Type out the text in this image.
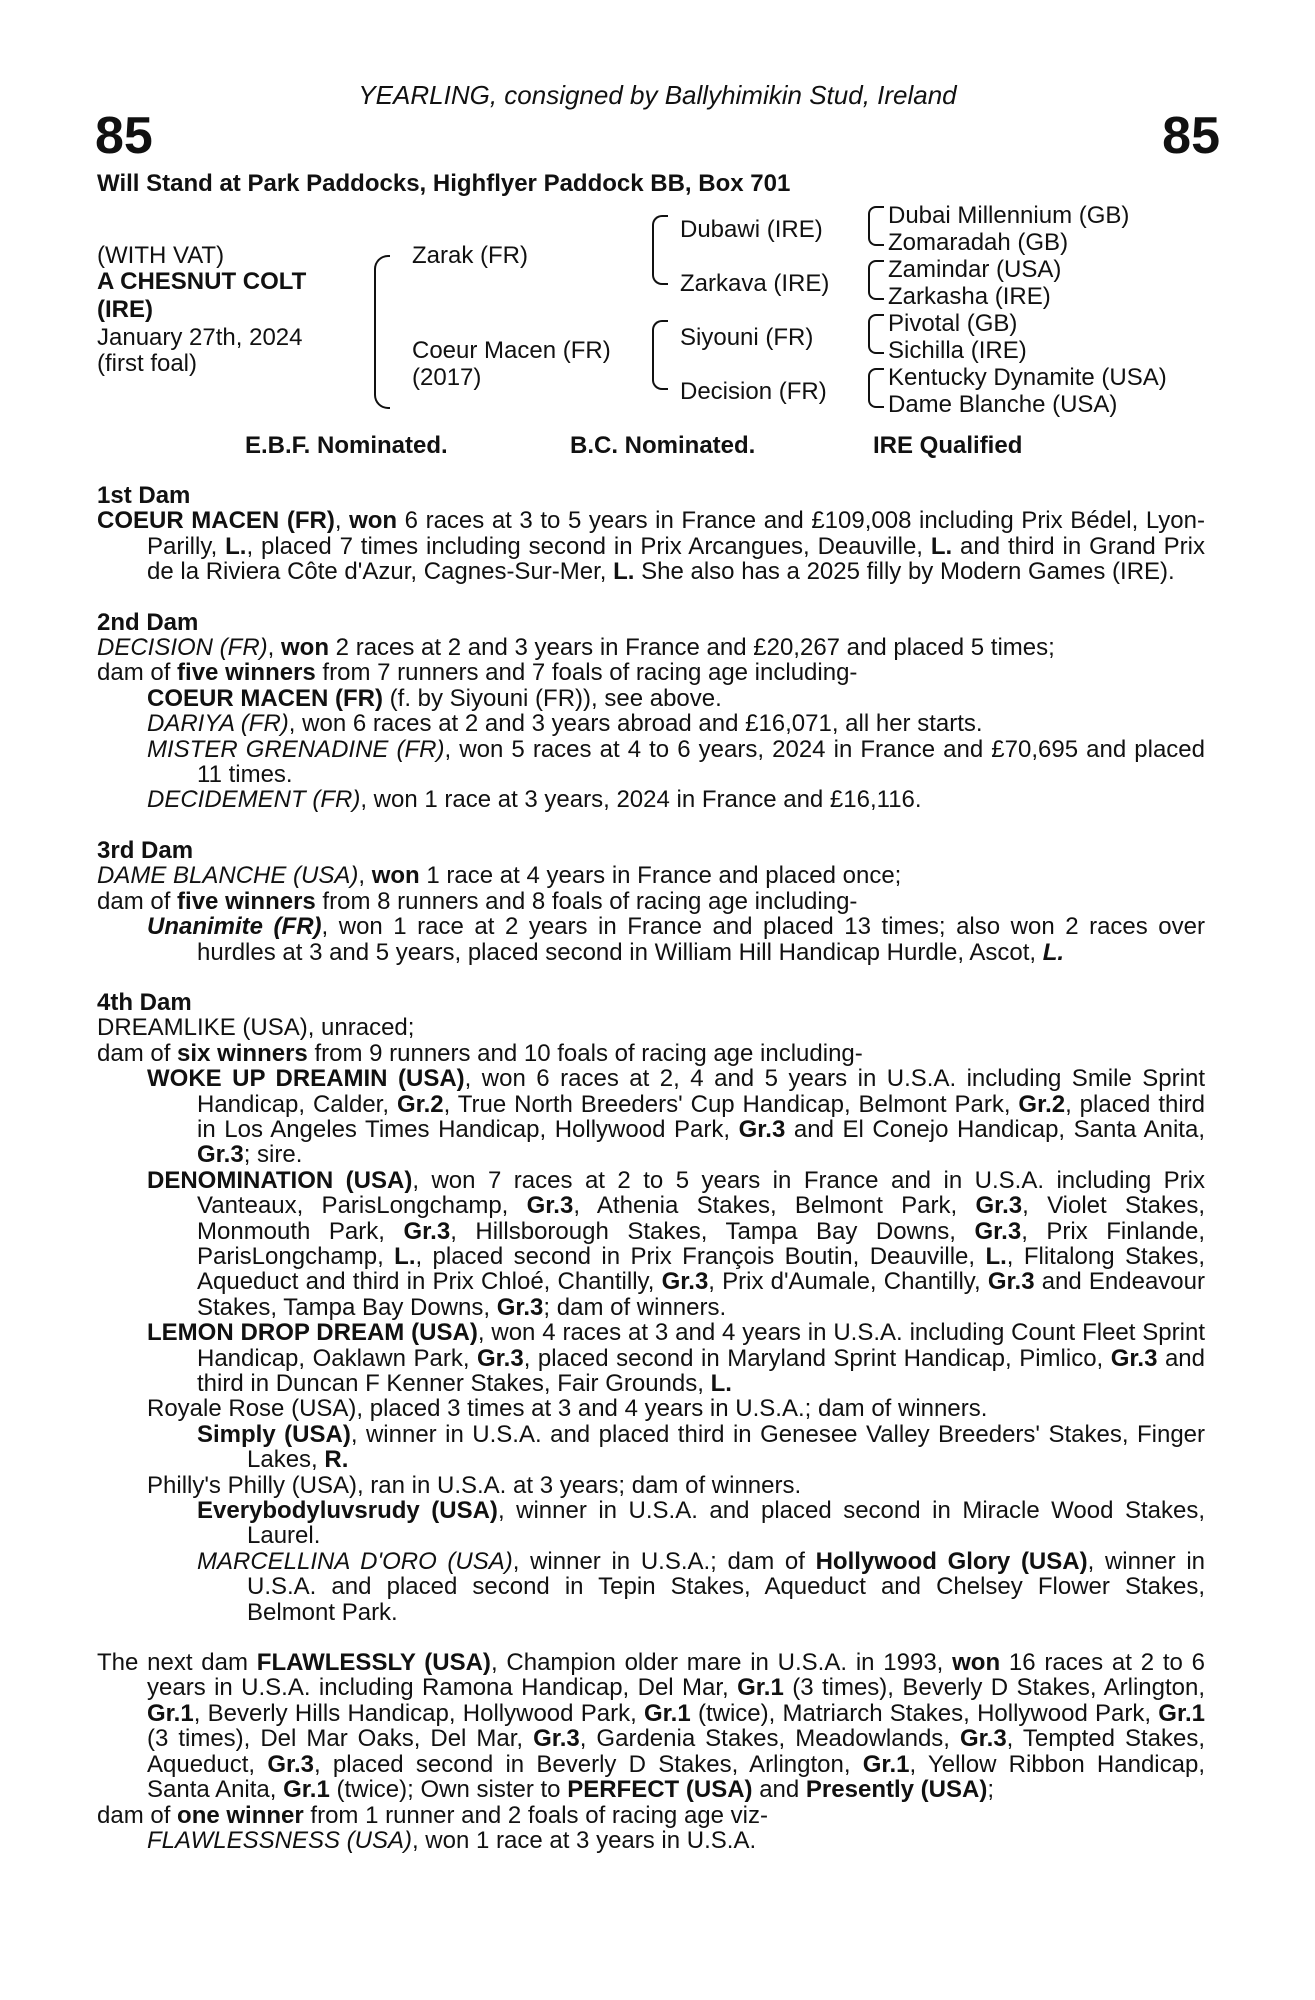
YEARLING, consigned by Ballyhimikin Stud, Ireland
85	85
Will Stand at Park Paddocks, Highflyer Paddock BB, Box 701
(WITH VAT)
A CHESNUT COLT
(IRE)
January 27th, 2024
(first foal)
Zarak (FR)
Coeur Macen (FR)
(2017)
Dubawi (IRE)
Zarkava (IRE)
Siyouni (FR)
Decision (FR)
Dubai Millennium (GB)
Zomaradah (GB)
Zamindar (USA)
Zarkasha (IRE)
Pivotal (GB)
Sichilla (IRE)
Kentucky Dynamite (USA)
Dame Blanche (USA)
E.B.F. Nominated.	B.C. Nominated.	IRE Qualified

1st Dam

COEUR MACEN (FR), won 6 races at 3 to 5 years in France and £109,008 including Prix Bédel, Lyon-Parilly, L., placed 7 times including second in Prix Arcangues, Deauville, L. and third in Grand Prix de la Riviera Côte d'Azur, Cagnes-Sur-Mer, L. She also has a 2025 filly by Modern Games (IRE).

2nd Dam

DECISION (FR), won 2 races at 2 and 3 years in France and £20,267 and placed 5 times;

dam of five winners from 7 runners and 7 foals of racing age including-

COEUR MACEN (FR) (f. by Siyouni (FR)), see above.

DARIYA (FR), won 6 races at 2 and 3 years abroad and £16,071, all her starts.

MISTER GRENADINE (FR), won 5 races at 4 to 6 years, 2024 in France and £70,695 and placed 11 times.

DECIDEMENT (FR), won 1 race at 3 years, 2024 in France and £16,116.

3rd Dam

DAME BLANCHE (USA), won 1 race at 4 years in France and placed once;

dam of five winners from 8 runners and 8 foals of racing age including-

Unanimite (FR), won 1 race at 2 years in France and placed 13 times; also won 2 races over hurdles at 3 and 5 years, placed second in William Hill Handicap Hurdle, Ascot, L.

4th Dam

DREAMLIKE (USA), unraced;

dam of six winners from 9 runners and 10 foals of racing age including-

WOKE UP DREAMIN (USA), won 6 races at 2, 4 and 5 years in U.S.A. including Smile Sprint Handicap, Calder, Gr.2, True North Breeders' Cup Handicap, Belmont Park, Gr.2, placed third in Los Angeles Times Handicap, Hollywood Park, Gr.3 and El Conejo Handicap, Santa Anita, Gr.3; sire.

DENOMINATION (USA), won 7 races at 2 to 5 years in France and in U.S.A. including Prix Vanteaux, ParisLongchamp, Gr.3, Athenia Stakes, Belmont Park, Gr.3, Violet Stakes, Monmouth Park, Gr.3, Hillsborough Stakes, Tampa Bay Downs, Gr.3, Prix Finlande, ParisLongchamp, L., placed second in Prix François Boutin, Deauville, L., Flitalong Stakes, Aqueduct and third in Prix Chloé, Chantilly, Gr.3, Prix d'Aumale, Chantilly, Gr.3 and Endeavour Stakes, Tampa Bay Downs, Gr.3; dam of winners.

LEMON DROP DREAM (USA), won 4 races at 3 and 4 years in U.S.A. including Count Fleet Sprint Handicap, Oaklawn Park, Gr.3, placed second in Maryland Sprint Handicap, Pimlico, Gr.3 and third in Duncan F Kenner Stakes, Fair Grounds, L.

Royale Rose (USA), placed 3 times at 3 and 4 years in U.S.A.; dam of winners.

Simply (USA), winner in U.S.A. and placed third in Genesee Valley Breeders' Stakes, Finger Lakes, R.

Philly's Philly (USA), ran in U.S.A. at 3 years; dam of winners.

Everybodyluvsrudy (USA), winner in U.S.A. and placed second in Miracle Wood Stakes, Laurel.

MARCELLINA D'ORO (USA), winner in U.S.A.; dam of Hollywood Glory (USA), winner in U.S.A. and placed second in Tepin Stakes, Aqueduct and Chelsey Flower Stakes, Belmont Park.

The next dam FLAWLESSLY (USA), Champion older mare in U.S.A. in 1993, won 16 races at 2 to 6 years in U.S.A. including Ramona Handicap, Del Mar, Gr.1 (3 times), Beverly D Stakes, Arlington, Gr.1, Beverly Hills Handicap, Hollywood Park, Gr.1 (twice), Matriarch Stakes, Hollywood Park, Gr.1 (3 times), Del Mar Oaks, Del Mar, Gr.3, Gardenia Stakes, Meadowlands, Gr.3, Tempted Stakes, Aqueduct, Gr.3, placed second in Beverly D Stakes, Arlington, Gr.1, Yellow Ribbon Handicap, Santa Anita, Gr.1 (twice); Own sister to PERFECT (USA) and Presently (USA);

dam of one winner from 1 runner and 2 foals of racing age viz-

FLAWLESSNESS (USA), won 1 race at 3 years in U.S.A.
